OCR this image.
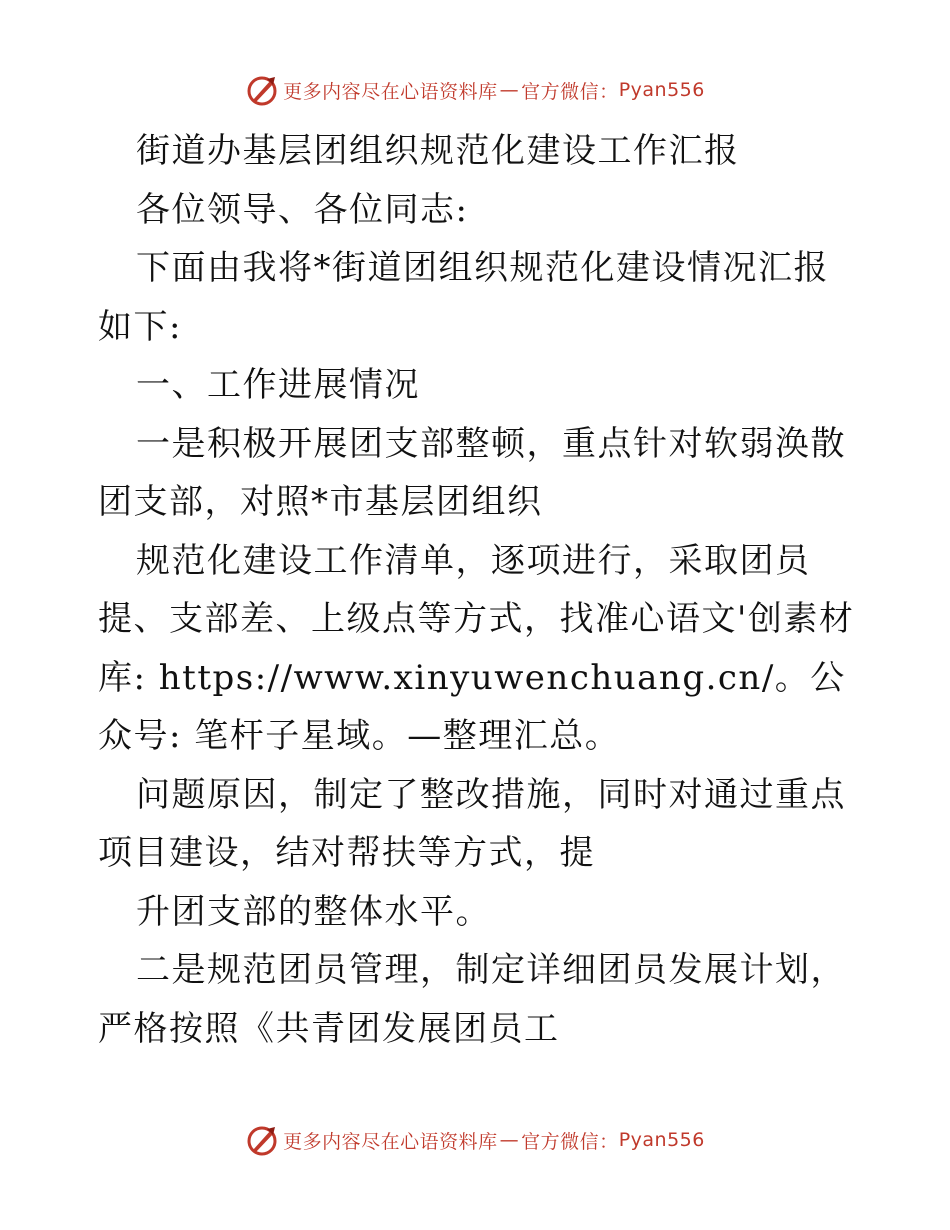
更多内容尽在心语资料库 — 官方微信： Pyan556

街道办基层团组织规范化建设工作汇报

各位领导、各位同志:

下面由我将*街道团组织规范化建设情况汇报如下:

一、工作进展情况

一是积极开展团支部整顿，重点针对软弱涣散团支部，对照*市基层团组织

规范化建设工作清单，逐项进行，采取团员提、支部差、上级点等方式，找准心语文'创素材库: https://www.xinyuwenchuang.cn/。公众号: 笔杆子星域。—整理汇总。

问题原因，制定了整改措施，同时对通过重点项目建设，结对帮扶等方式，提

升团支部的整体水平。

二是规范团员管理，制定详细团员发展计划，严格按照《共青团发展团员工

更多内容尽在心语资料库 — 官方微信： Pyan556
